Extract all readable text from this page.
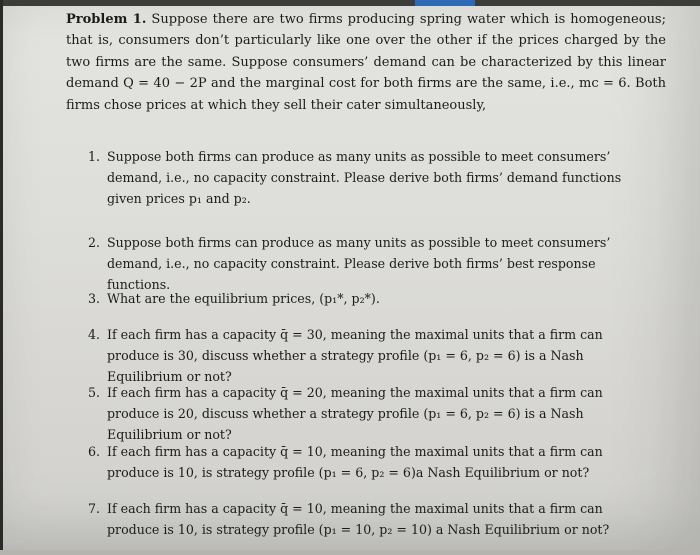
Problem 1. Suppose there are two firms producing spring water which is homogeneous; that is, consumers don’t particularly like one over the other if the prices charged by the two firms are the same. Suppose consumers’ demand can be characterized by this linear demand Q = 40 − 2P and the marginal cost for both firms are the same, i.e., mc = 6. Both firms chose prices at which they sell their cater simultaneously,
1. Suppose both firms can produce as many units as possible to meet consumers’ demand, i.e., no capacity constraint. Please derive both firms’ demand functions given prices p₁ and p₂.
2. Suppose both firms can produce as many units as possible to meet consumers’ demand, i.e., no capacity constraint. Please derive both firms’ best response functions.
3. What are the equilibrium prices, (p₁*, p₂*).
4. If each firm has a capacity q̄ = 30, meaning the maximal units that a firm can produce is 30, discuss whether a strategy profile (p₁ = 6, p₂ = 6) is a Nash Equilibrium or not?
5. If each firm has a capacity q̄ = 20, meaning the maximal units that a firm can produce is 20, discuss whether a strategy profile (p₁ = 6, p₂ = 6) is a Nash Equilibrium or not?
6. If each firm has a capacity q̄ = 10, meaning the maximal units that a firm can produce is 10, is strategy profile (p₁ = 6, p₂ = 6)a Nash Equilibrium or not?
7. If each firm has a capacity q̄ = 10, meaning the maximal units that a firm can produce is 10, is strategy profile (p₁ = 10, p₂ = 10) a Nash Equilibrium or not?
